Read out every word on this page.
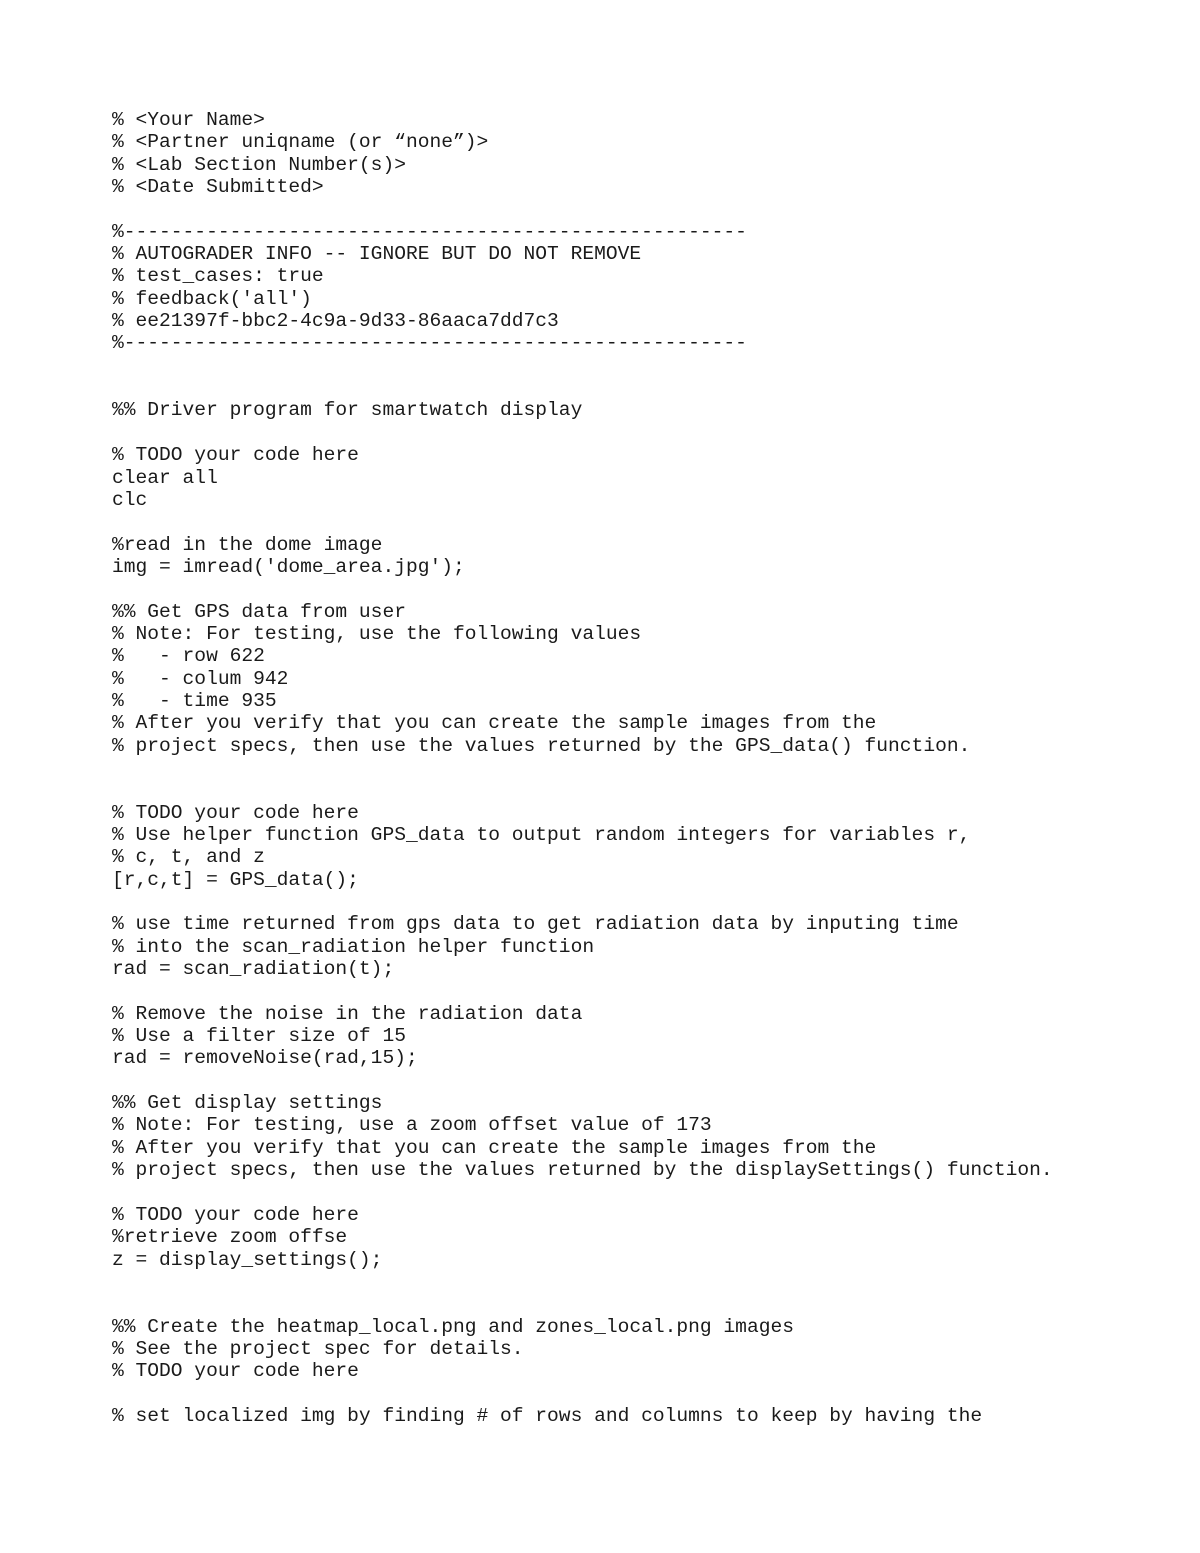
% <Your Name>
% <Partner uniqname (or “none”)>
% <Lab Section Number(s)>
% <Date Submitted>
%-----------------------------------------------------
% AUTOGRADER INFO -- IGNORE BUT DO NOT REMOVE
% test_cases: true
% feedback('all')
% ee21397f-bbc2-4c9a-9d33-86aaca7dd7c3
%-----------------------------------------------------
%% Driver program for smartwatch display
% TODO your code here
clear all
clc
%read in the dome image
img = imread('dome_area.jpg');
%% Get GPS data from user
% Note: For testing, use the following values
%   - row 622
%   - colum 942
%   - time 935
% After you verify that you can create the sample images from the
% project specs, then use the values returned by the GPS_data() function.
% TODO your code here
% Use helper function GPS_data to output random integers for variables r,
% c, t, and z
[r,c,t] = GPS_data();
% use time returned from gps data to get radiation data by inputing time
% into the scan_radiation helper function
rad = scan_radiation(t);
% Remove the noise in the radiation data
% Use a filter size of 15
rad = removeNoise(rad,15);
%% Get display settings
% Note: For testing, use a zoom offset value of 173
% After you verify that you can create the sample images from the
% project specs, then use the values returned by the displaySettings() function.
% TODO your code here
%retrieve zoom offse
z = display_settings();
%% Create the heatmap_local.png and zones_local.png images
% See the project spec for details.
% TODO your code here
% set localized img by finding # of rows and columns to keep by having the
